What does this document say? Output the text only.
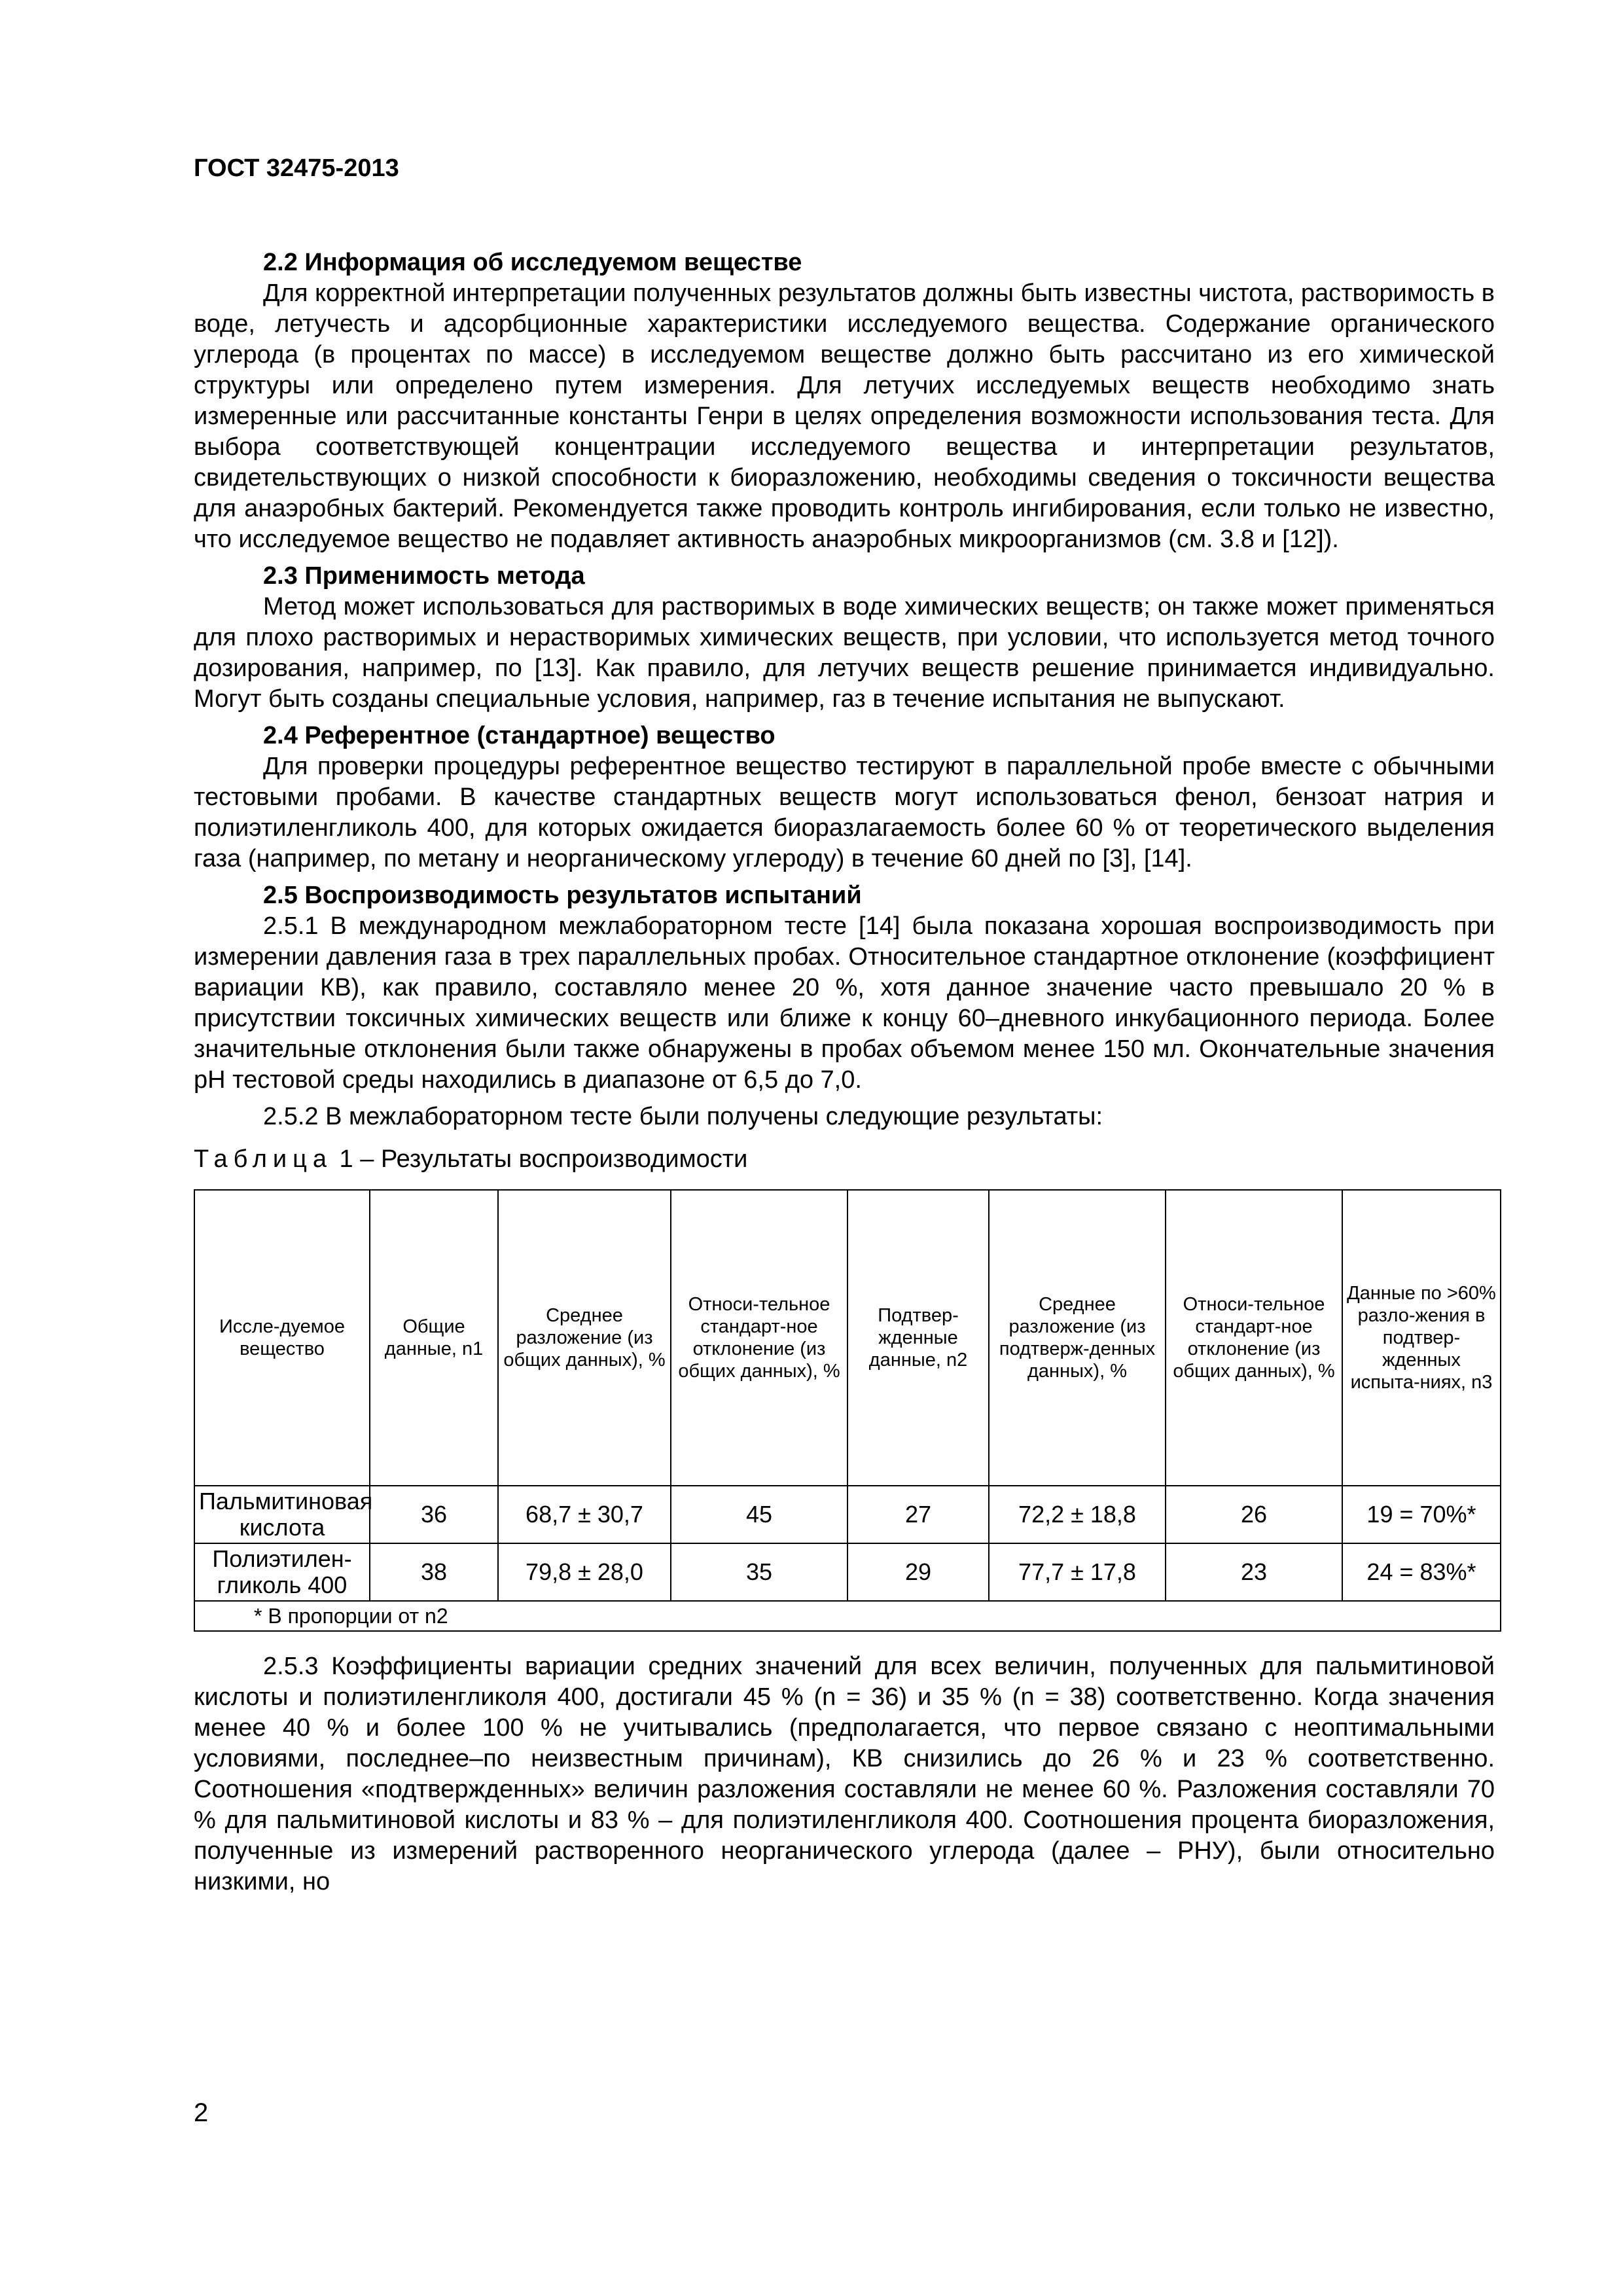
ГОСТ 32475-2013

2.2 Информация об исследуемом веществе

Для корректной интерпретации полученных результатов должны быть известны чистота, растворимость в воде, летучесть и адсорбционные характеристики исследуемого вещества. Содержание органического углерода (в процентах по массе) в исследуемом веществе должно быть рассчитано из его химической структуры или определено путем измерения. Для летучих исследуемых веществ необходимо знать измеренные или рассчитанные константы Генри в целях определения возможности использования теста. Для выбора соответствующей концентрации исследуемого вещества и интерпретации результатов, свидетельствующих о низкой способности к биоразложению, необходимы сведения о токсичности вещества для анаэробных бактерий. Рекомендуется также проводить контроль ингибирования, если только не известно, что исследуемое вещество не подавляет активность анаэробных микроорганизмов (см. 3.8 и [12]).

2.3 Применимость метода

Метод может использоваться для растворимых в воде химических веществ; он также может применяться для плохо растворимых и нерастворимых химических веществ, при условии, что используется метод точного дозирования, например, по [13]. Как правило, для летучих веществ решение принимается индивидуально. Могут быть созданы специальные условия, например, газ в течение испытания не выпускают.

2.4 Референтное (стандартное) вещество

Для проверки процедуры референтное вещество тестируют в параллельной пробе вместе с обычными тестовыми пробами. В качестве стандартных веществ могут использоваться фенол, бензоат натрия и полиэтиленгликоль 400, для которых ожидается биоразлагаемость более 60 % от теоретического выделения газа (например, по метану и неорганическому углероду) в течение 60 дней по [3], [14].

2.5 Воспроизводимость результатов испытаний

2.5.1 В международном межлабораторном тесте [14] была показана хорошая воспроизводимость при измерении давления газа в трех параллельных пробах. Относительное стандартное отклонение (коэффициент вариации КВ), как правило, составляло менее 20 %, хотя данное значение часто превышало 20 % в присутствии токсичных химических веществ или ближе к концу 60–дневного инкубационного периода. Более значительные отклонения были также обнаружены в пробах объемом менее 150 мл. Окончательные значения pH тестовой среды находились в диапазоне от 6,5 до 7,0.

2.5.2 В межлабораторном тесте были получены следующие результаты:

Таблица 1 – Результаты воспроизводимости
Иссле-дуемое вещество	Общие данные, n1	Среднее разложение (из общих данных), %	Относи-тельное стандарт-ное отклонение (из общих данных), %	Подтвер-жденные данные, n2	Среднее разложение (из подтверж-денных данных), %	Относи-тельное стандарт-ное отклонение (из общих данных), %	Данные по >60% разло-жения в подтвер-жденных испыта-ниях, n3
Пальмитиновая кислота	36	68,7 ± 30,7	45	27	72,2 ± 18,8	26	19 = 70%*
Полиэтилен-гликоль 400	38	79,8 ± 28,0	35	29	77,7 ± 17,8	23	24 = 83%*
* В пропорции от n2							

2.5.3 Коэффициенты вариации средних значений для всех величин, полученных для пальмитиновой кислоты и полиэтиленгликоля 400, достигали 45 % (n = 36) и 35 % (n = 38) соответственно. Когда значения менее 40 % и более 100 % не учитывались (предполагается, что первое связано с неоптимальными условиями, последнее–по неизвестным причинам), КВ снизились до 26 % и 23 % соответственно. Соотношения «подтвержденных» величин разложения составляли не менее 60 %. Разложения составляли 70 % для пальмитиновой кислоты и 83 % – для полиэтиленгликоля 400. Соотношения процента биоразложения, полученные из измерений растворенного неорганического углерода (далее – РНУ), были относительно низкими, но

2
